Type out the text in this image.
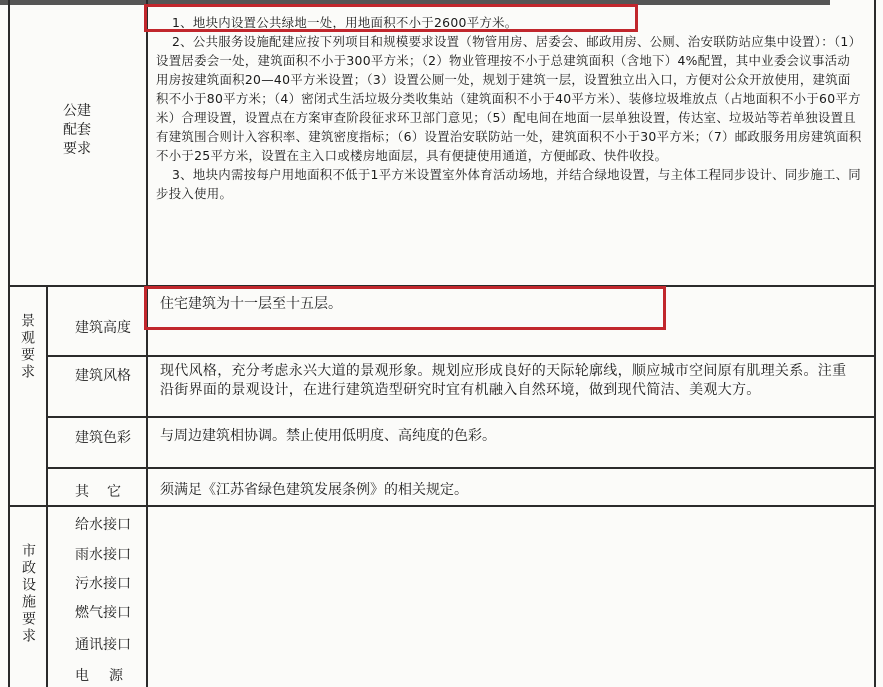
公建
配套
要求
1、地块内设置公共绿地一处，用地面积不小于2600平方米。
2、公共服务设施配建应按下列项目和规模要求设置（物管用房、居委会、邮政用房、公厕、治安联防站应集中设置）：（1）设置居委会一处，建筑面积不小于300平方米；（2）物业管理按不小于总建筑面积（含地下）4%配置，其中业委会议事活动用房按建筑面积20—40平方米设置；（3）设置公厕一处，规划于建筑一层，设置独立出入口，方便对公众开放使用，建筑面积不小于80平方米；（4）密闭式生活垃圾分类收集站（建筑面积不小于40平方米）、装修垃圾堆放点（占地面积不小于60平方米）合理设置，设置点在方案审查阶段征求环卫部门意见；（5）配电间在地面一层单独设置，传达室、垃圾站等若单独设置且有建筑围合则计入容积率、建筑密度指标；（6）设置治安联防站一处，建筑面积不小于30平方米；（7）邮政服务用房建筑面积不小于25平方米，设置在主入口或楼房地面层，具有便捷使用通道，方便邮政、快件收投。
3、地块内需按每户用地面积不低于1平方米设置室外体育活动场地，并结合绿地设置，与主体工程同步设计、同步施工、同步投入使用。
景观要求	建筑高度
住宅建筑为十一层至十五层。
建筑风格 现代风格，充分考虑永兴大道的景观形象。规划应形成良好的天际轮廓线，顺应城市空间原有肌理关系。注重沿街界面的景观设计，在进行建筑造型研究时宜有机融入自然环境，做到现代简洁、美观大方。
建筑色彩 与周边建筑相协调。禁止使用低明度、高纯度的色彩。
其　它	须满足《江苏省绿色建筑发展条例》的相关规定。
市政设施要求
给水接口
雨水接口
污水接口
燃气接口
通讯接口
电　源
